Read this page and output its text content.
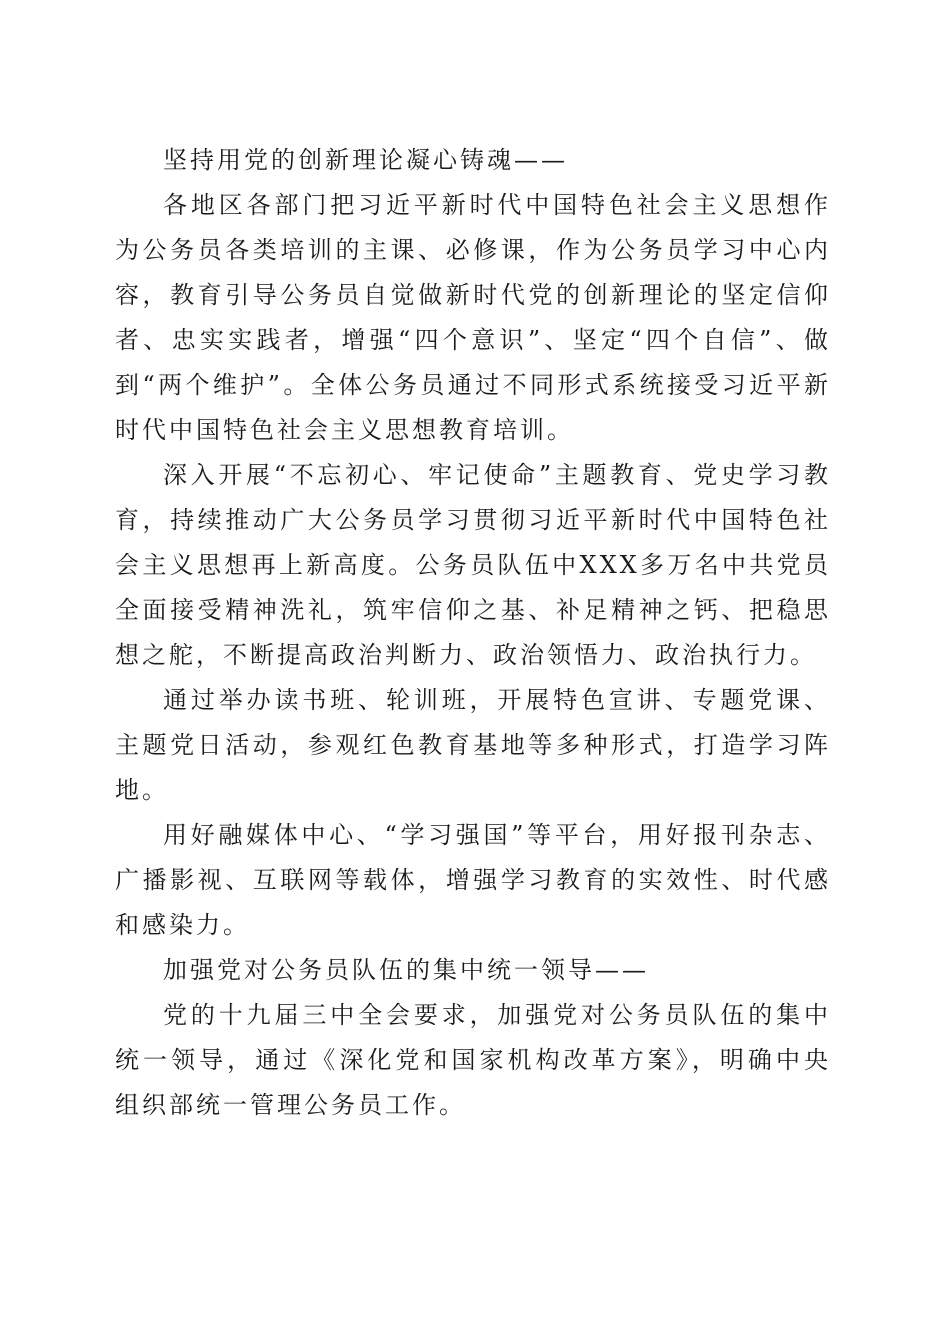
坚持用党的创新理论凝心铸魂——

各地区各部门把习近平新时代中国特色社会主义思想作为公务员各类培训的主课、必修课，作为公务员学习中心内容，教育引导公务员自觉做新时代党的创新理论的坚定信仰者、忠实实践者，增强“四个意识”、坚定“四个自信”、做到“两个维护”。全体公务员通过不同形式系统接受习近平新时代中国特色社会主义思想教育培训。

深入开展“不忘初心、牢记使命”主题教育、党史学习教育，持续推动广大公务员学习贯彻习近平新时代中国特色社会主义思想再上新高度。公务员队伍中XXX多万名中共党员全面接受精神洗礼，筑牢信仰之基、补足精神之钙、把稳思想之舵，不断提高政治判断力、政治领悟力、政治执行力。

通过举办读书班、轮训班，开展特色宣讲、专题党课、主题党日活动，参观红色教育基地等多种形式，打造学习阵地。

用好融媒体中心、“学习强国”等平台，用好报刊杂志、广播影视、互联网等载体，增强学习教育的实效性、时代感和感染力。

加强党对公务员队伍的集中统一领导——

党的十九届三中全会要求，加强党对公务员队伍的集中统一领导，通过《深化党和国家机构改革方案》，明确中央组织部统一管理公务员工作。
